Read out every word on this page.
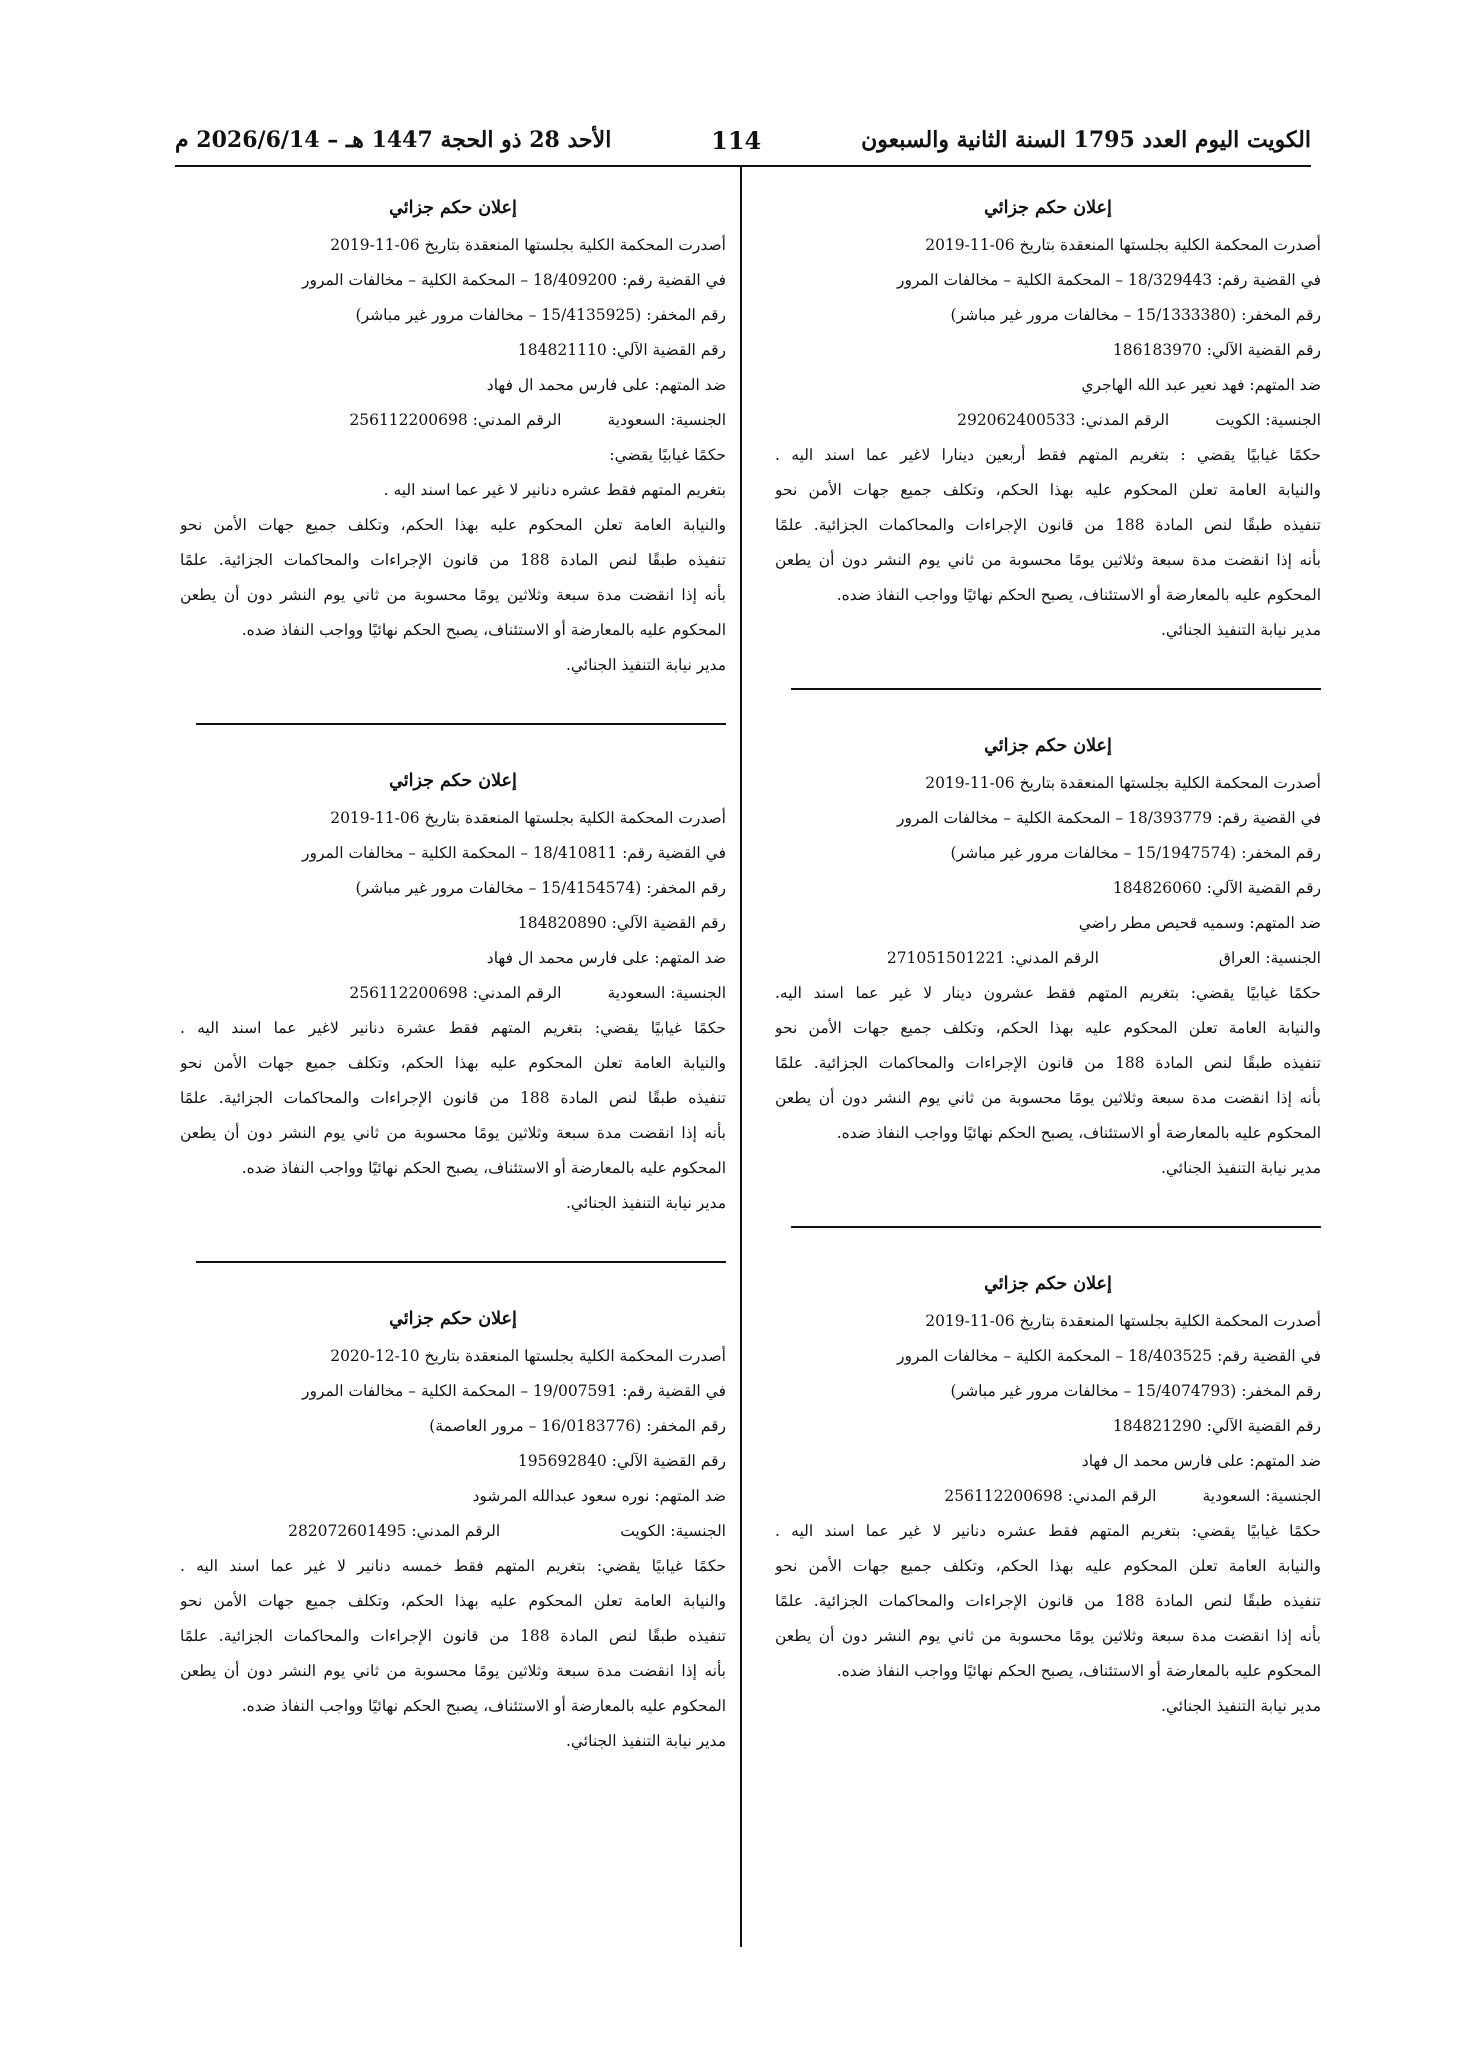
الكويت اليوم العدد 1795 السنة الثانية والسبعون
114
الأحد 28 ذو الحجة 1447 هـ – 2026/6/14 م
إعلان حكم جزائي
أصدرت المحكمة الكلية بجلستها المنعقدة بتاريخ 06-11-2019
في القضية رقم: 18/329443 – المحكمة الكلية – مخالفات المرور
رقم المخفر: (15/1333380 – مخالفات مرور غير مباشر)
رقم القضية الآلي: 186183970
ضد المتهم: فهد نعير عبد الله الهاجري
الجنسية: الكويتالرقم المدني: 292062400533
حكمًا غيابيًا يقضي : بتغريم المتهم فقط أربعين دينارا لاغير عما اسند اليه .
والنيابة العامة تعلن المحكوم عليه بهذا الحكم، وتكلف جميع جهات الأمن نحو
تنفيذه طبقًا لنص المادة 188 من قانون الإجراءات والمحاكمات الجزائية. علمًا
بأنه إذا انقضت مدة سبعة وثلاثين يومًا محسوبة من ثاني يوم النشر دون أن يطعن
المحكوم عليه بالمعارضة أو الاستئناف، يصبح الحكم نهائيًا وواجب النفاذ ضده.
مدير نيابة التنفيذ الجنائي.
إعلان حكم جزائي
أصدرت المحكمة الكلية بجلستها المنعقدة بتاريخ 06-11-2019
في القضية رقم: 18/393779 – المحكمة الكلية – مخالفات المرور
رقم المخفر: (15/1947574 – مخالفات مرور غير مباشر)
رقم القضية الآلي: 184826060
ضد المتهم: وسميه قحيص مطر راضي
الجنسية: العراقالرقم المدني: 271051501221
حكمًا غيابيًا يقضي: بتغريم المتهم فقط عشرون دينار لا غير عما اسند اليه.
والنيابة العامة تعلن المحكوم عليه بهذا الحكم، وتكلف جميع جهات الأمن نحو
تنفيذه طبقًا لنص المادة 188 من قانون الإجراءات والمحاكمات الجزائية. علمًا
بأنه إذا انقضت مدة سبعة وثلاثين يومًا محسوبة من ثاني يوم النشر دون أن يطعن
المحكوم عليه بالمعارضة أو الاستئناف، يصبح الحكم نهائيًا وواجب النفاذ ضده.
مدير نيابة التنفيذ الجنائي.
إعلان حكم جزائي
أصدرت المحكمة الكلية بجلستها المنعقدة بتاريخ 06-11-2019
في القضية رقم: 18/403525 – المحكمة الكلية – مخالفات المرور
رقم المخفر: (15/4074793 – مخالفات مرور غير مباشر)
رقم القضية الآلي: 184821290
ضد المتهم: على فارس محمد ال فهاد
الجنسية: السعوديةالرقم المدني: 256112200698
حكمًا غيابيًا يقضي: بتغريم المتهم فقط عشره دنانير لا غير عما اسند اليه .
والنيابة العامة تعلن المحكوم عليه بهذا الحكم، وتكلف جميع جهات الأمن نحو
تنفيذه طبقًا لنص المادة 188 من قانون الإجراءات والمحاكمات الجزائية. علمًا
بأنه إذا انقضت مدة سبعة وثلاثين يومًا محسوبة من ثاني يوم النشر دون أن يطعن
المحكوم عليه بالمعارضة أو الاستئناف، يصبح الحكم نهائيًا وواجب النفاذ ضده.
مدير نيابة التنفيذ الجنائي.
إعلان حكم جزائي
أصدرت المحكمة الكلية بجلستها المنعقدة بتاريخ 06-11-2019
في القضية رقم: 18/409200 – المحكمة الكلية – مخالفات المرور
رقم المخفر: (15/4135925 – مخالفات مرور غير مباشر)
رقم القضية الآلي: 184821110
ضد المتهم: على فارس محمد ال فهاد
الجنسية: السعوديةالرقم المدني: 256112200698
حكمًا غيابيًا يقضي:
بتغريم المتهم فقط عشره دنانير لا غير عما اسند اليه .
والنيابة العامة تعلن المحكوم عليه بهذا الحكم، وتكلف جميع جهات الأمن نحو
تنفيذه طبقًا لنص المادة 188 من قانون الإجراءات والمحاكمات الجزائية. علمًا
بأنه إذا انقضت مدة سبعة وثلاثين يومًا محسوبة من ثاني يوم النشر دون أن يطعن
المحكوم عليه بالمعارضة أو الاستئناف، يصبح الحكم نهائيًا وواجب النفاذ ضده.
مدير نيابة التنفيذ الجنائي.
إعلان حكم جزائي
أصدرت المحكمة الكلية بجلستها المنعقدة بتاريخ 06-11-2019
في القضية رقم: 18/410811 – المحكمة الكلية – مخالفات المرور
رقم المخفر: (15/4154574 – مخالفات مرور غير مباشر)
رقم القضية الآلي: 184820890
ضد المتهم: على فارس محمد ال فهاد
الجنسية: السعوديةالرقم المدني: 256112200698
حكمًا غيابيًا يقضي: بتغريم المتهم فقط عشرة دنانير لاغير عما اسند اليه .
والنيابة العامة تعلن المحكوم عليه بهذا الحكم، وتكلف جميع جهات الأمن نحو
تنفيذه طبقًا لنص المادة 188 من قانون الإجراءات والمحاكمات الجزائية. علمًا
بأنه إذا انقضت مدة سبعة وثلاثين يومًا محسوبة من ثاني يوم النشر دون أن يطعن
المحكوم عليه بالمعارضة أو الاستئناف، يصبح الحكم نهائيًا وواجب النفاذ ضده.
مدير نيابة التنفيذ الجنائي.
إعلان حكم جزائي
أصدرت المحكمة الكلية بجلستها المنعقدة بتاريخ 10-12-2020
في القضية رقم: 19/007591 – المحكمة الكلية – مخالفات المرور
رقم المخفر: (16/0183776 – مرور العاصمة)
رقم القضية الآلي: 195692840
ضد المتهم: نوره سعود عبدالله المرشود
الجنسية: الكويتالرقم المدني: 282072601495
حكمًا غيابيًا يقضي: بتغريم المتهم فقط خمسه دنانير لا غير عما اسند اليه .
والنيابة العامة تعلن المحكوم عليه بهذا الحكم، وتكلف جميع جهات الأمن نحو
تنفيذه طبقًا لنص المادة 188 من قانون الإجراءات والمحاكمات الجزائية. علمًا
بأنه إذا انقضت مدة سبعة وثلاثين يومًا محسوبة من ثاني يوم النشر دون أن يطعن
المحكوم عليه بالمعارضة أو الاستئناف، يصبح الحكم نهائيًا وواجب النفاذ ضده.
مدير نيابة التنفيذ الجنائي.
